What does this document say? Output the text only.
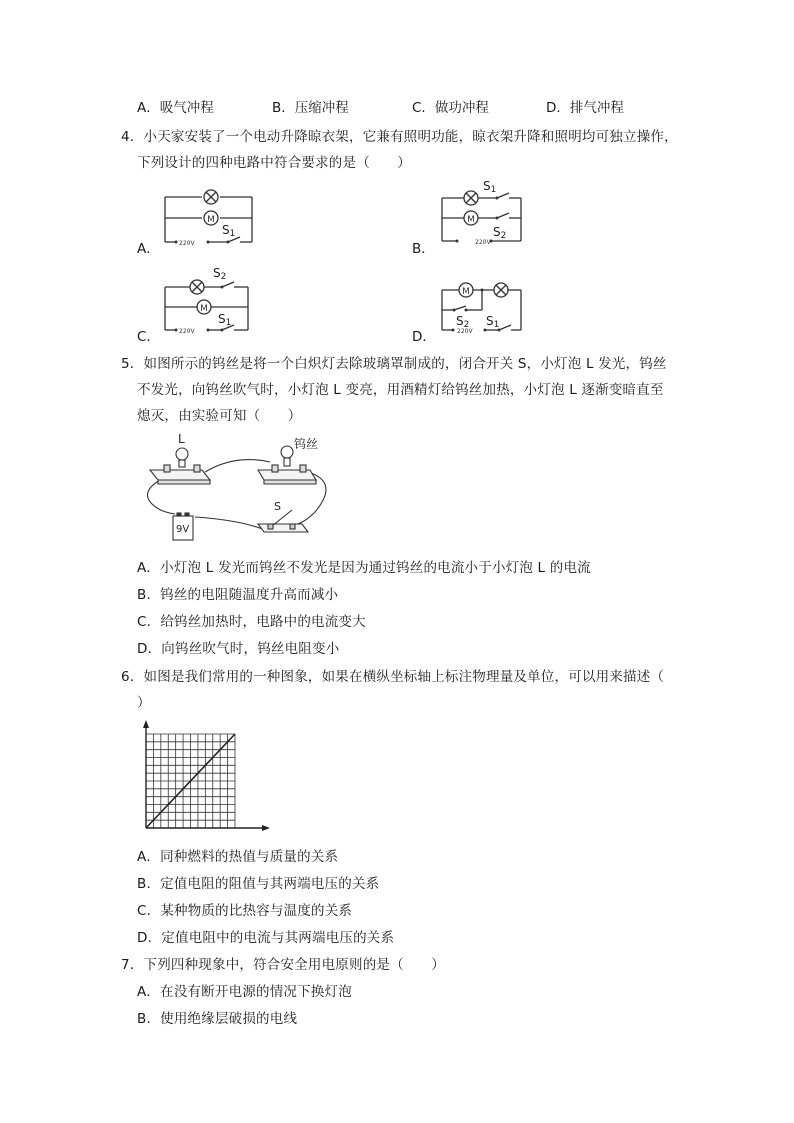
A．吸气冲程	B．压缩冲程	C．做功冲程	D．排气冲程
4．小天家安装了一个电动升降晾衣架，它兼有照明功能，晾衣架升降和照明均可独立操作，
下列设计的四种电路中符合要求的是（　　）
A．
M
220V
S1
B．
M
220V
S1
S2
C．
M
220V
S2
S1
D．
M
220V
S2 S1
5．如图所示的钨丝是将一个白炽灯去除玻璃罩制成的，闭合开关 S，小灯泡 L 发光，钨丝
不发光，向钨丝吹气时，小灯泡 L 变亮，用酒精灯给钨丝加热，小灯泡 L 逐渐变暗直至
熄灭，由实验可知（　　）
L	钨丝
S
9V
A．小灯泡 L 发光而钨丝不发光是因为通过钨丝的电流小于小灯泡 L 的电流
B．钨丝的电阻随温度升高而减小
C．给钨丝加热时，电路中的电流变大
D．向钨丝吹气时，钨丝电阻变小
6．如图是我们常用的一种图象，如果在横纵坐标轴上标注物理量及单位，可以用来描述（
）
A．同种燃料的热值与质量的关系
B．定值电阻的阻值与其两端电压的关系
C．某种物质的比热容与温度的关系
D．定值电阻中的电流与其两端电压的关系
7．下列四种现象中，符合安全用电原则的是（　　）
A．在没有断开电源的情况下换灯泡
B．使用绝缘层破损的电线
